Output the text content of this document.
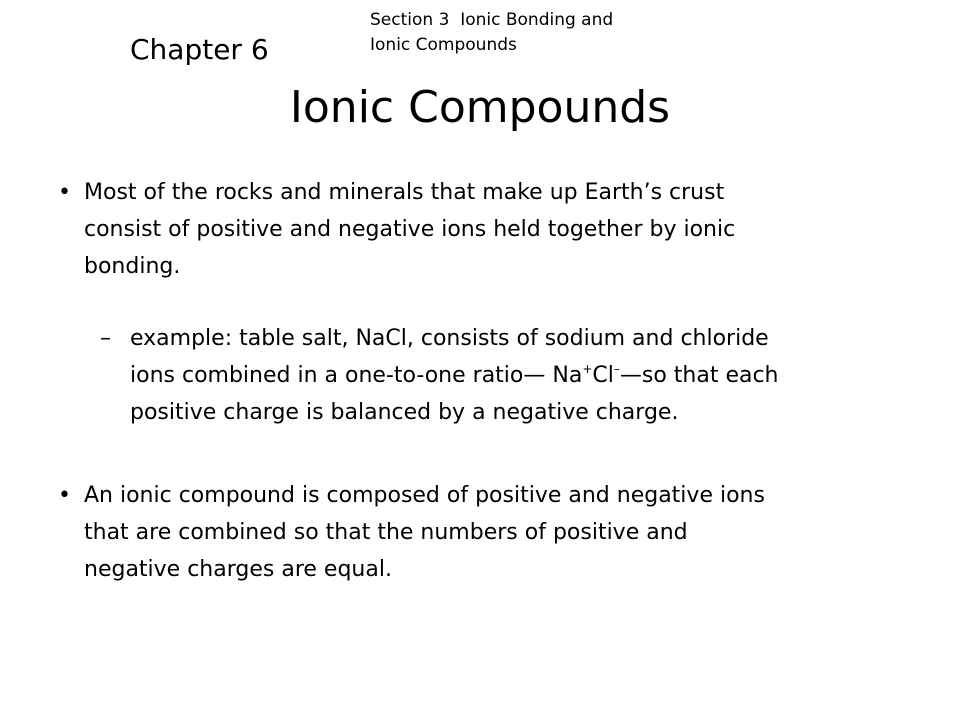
Section 3  Ionic Bonding and
Ionic Compounds
Chapter 6
Ionic Compounds
• Most of the rocks and minerals that make up Earth’s crust
consist of positive and negative ions held together by ionic
bonding.
– example: table salt, NaCl, consists of sodium and chloride
ions combined in a one-to-one ratio— Na+Cl–—so that each
positive charge is balanced by a negative charge.
• An ionic compound is composed of positive and negative ions
that are combined so that the numbers of positive and
negative charges are equal.
